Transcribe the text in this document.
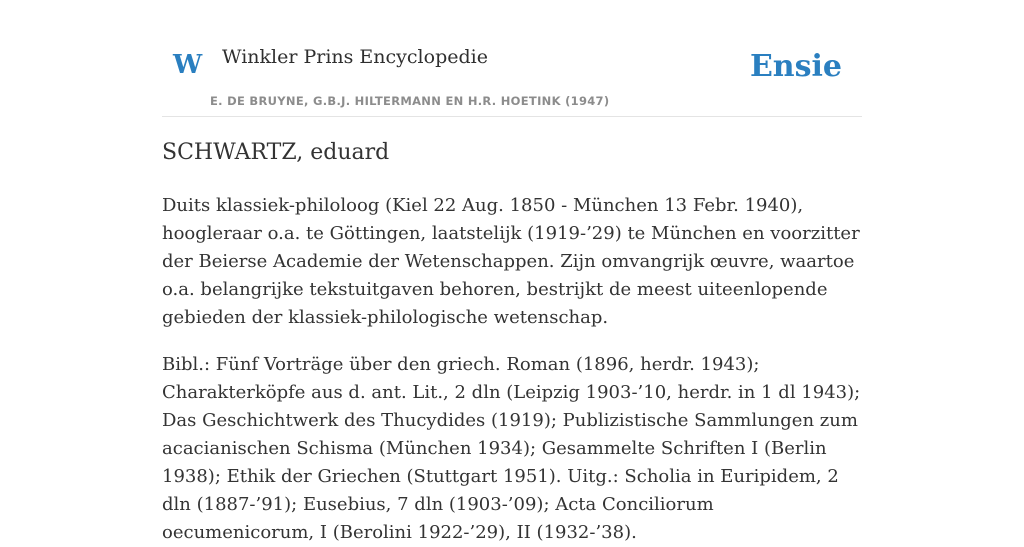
W Winkler Prins Encyclopedie
E. DE BRUYNE, G.B.J. HILTERMANN EN H.R. HOETINK (1947)
Ensie
SCHWARTZ, eduard

Duits klassiek-philoloog (Kiel 22 Aug. 1850 - München 13 Febr. 1940), hoogleraar o.a. te Göttingen, laatstelijk (1919-’29) te München en voorzitter der Beierse Academie der Wetenschappen. Zijn omvangrijk œuvre, waartoe o.a. belangrijke tekstuitgaven behoren, bestrijkt de meest uiteenlopende gebieden der klassiek-philologische wetenschap.

Bibl.: Fünf Vorträge über den griech. Roman (1896, herdr. 1943); Charakterköpfe aus d. ant. Lit., 2 dln (Leipzig 1903-’10, herdr. in 1 dl 1943); Das Geschichtwerk des Thucydides (1919); Publizistische Sammlungen zum acacianischen Schisma (München 1934); Gesammelte Schriften I (Berlin 1938); Ethik der Griechen (Stuttgart 1951). Uitg.: Scholia in Euripidem, 2 dln (1887-’91); Eusebius, 7 dln (1903-’09); Acta Conciliorum oecumenicorum, I (Berolini 1922-’29), II (1932-’38).
